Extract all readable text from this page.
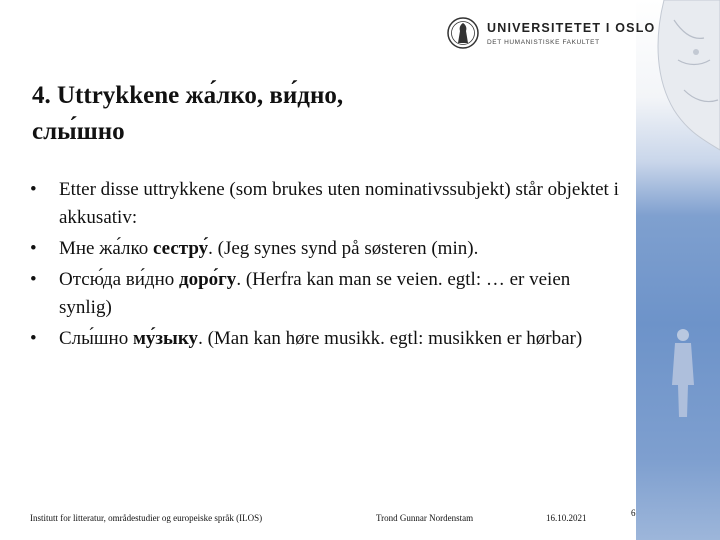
UNIVERSITETET I OSLO
DET HUMANISTISKE FAKULTET
4. Uttrykkene жа́лко, ви́дно,
слы́шно
• Etter disse uttrykkene (som brukes uten nominativssubjekt) står objektet i akkusativ:
• Мне жа́лко сестру́. (Jeg synes synd på søsteren (min).
• Отсю́да ви́дно доро́гу. (Herfra kan man se veien. egtl: … er veien synlig)
• Слы́шно му́зыку. (Man kan høre musikk. egtl: musikken er hørbar)
Institutt for litteratur, områdestudier og europeiske språk (ILOS)	Trond Gunnar Nordenstam	16.10.2021	6
